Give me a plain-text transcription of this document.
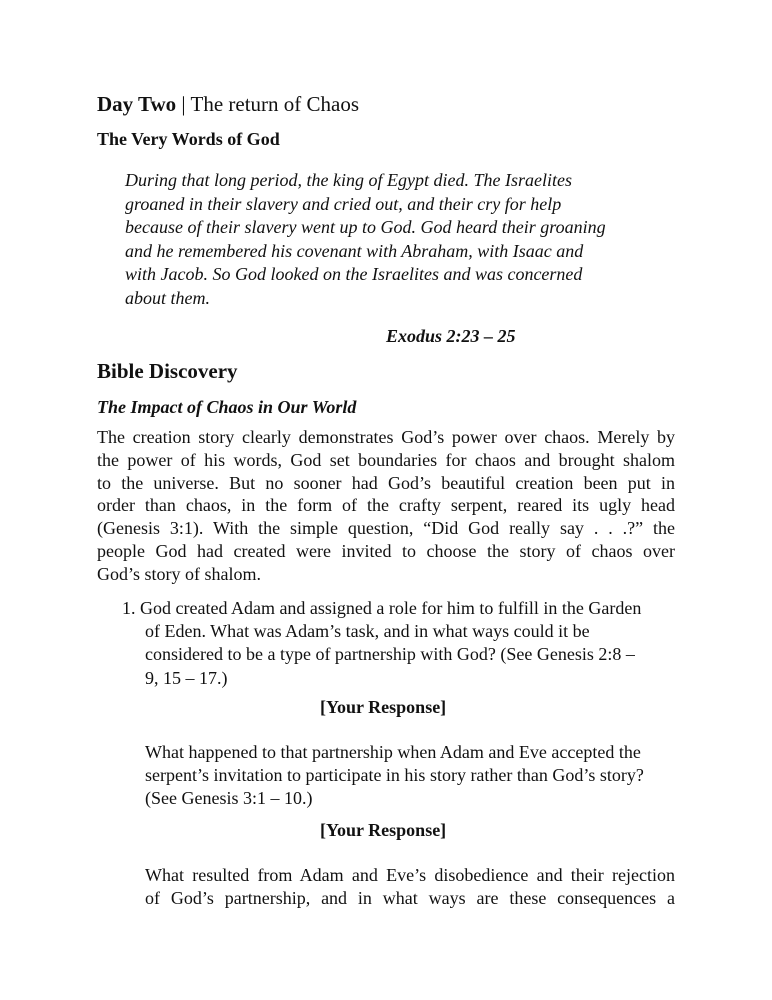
Day Two | The return of Chaos
The Very Words of God
During that long period, the king of Egypt died. The Israelites
groaned in their slavery and cried out, and their cry for help
because of their slavery went up to God. God heard their groaning
and he remembered his covenant with Abraham, with Isaac and
with Jacob. So God looked on the Israelites and was concerned
about them.
Exodus 2:23 – 25
Bible Discovery
The Impact of Chaos in Our World
The creation story clearly demonstrates God’s power over chaos. Merely by
the power of his words, God set boundaries for chaos and brought shalom
to the universe. But no sooner had God’s beautiful creation been put in
order than chaos, in the form of the crafty serpent, reared its ugly head
(Genesis 3:1). With the simple question, “Did God really say . . .?” the
people God had created were invited to choose the story of chaos over
God’s story of shalom.
1. God created Adam and assigned a role for him to fulfill in the Garden
of Eden. What was Adam’s task, and in what ways could it be
considered to be a type of partnership with God? (See Genesis 2:8 –
9, 15 – 17.)
[Your Response]
What happened to that partnership when Adam and Eve accepted the
serpent’s invitation to participate in his story rather than God’s story?
(See Genesis 3:1 – 10.)
[Your Response]
What resulted from Adam and Eve’s disobedience and their rejection
of God’s partnership, and in what ways are these consequences a
